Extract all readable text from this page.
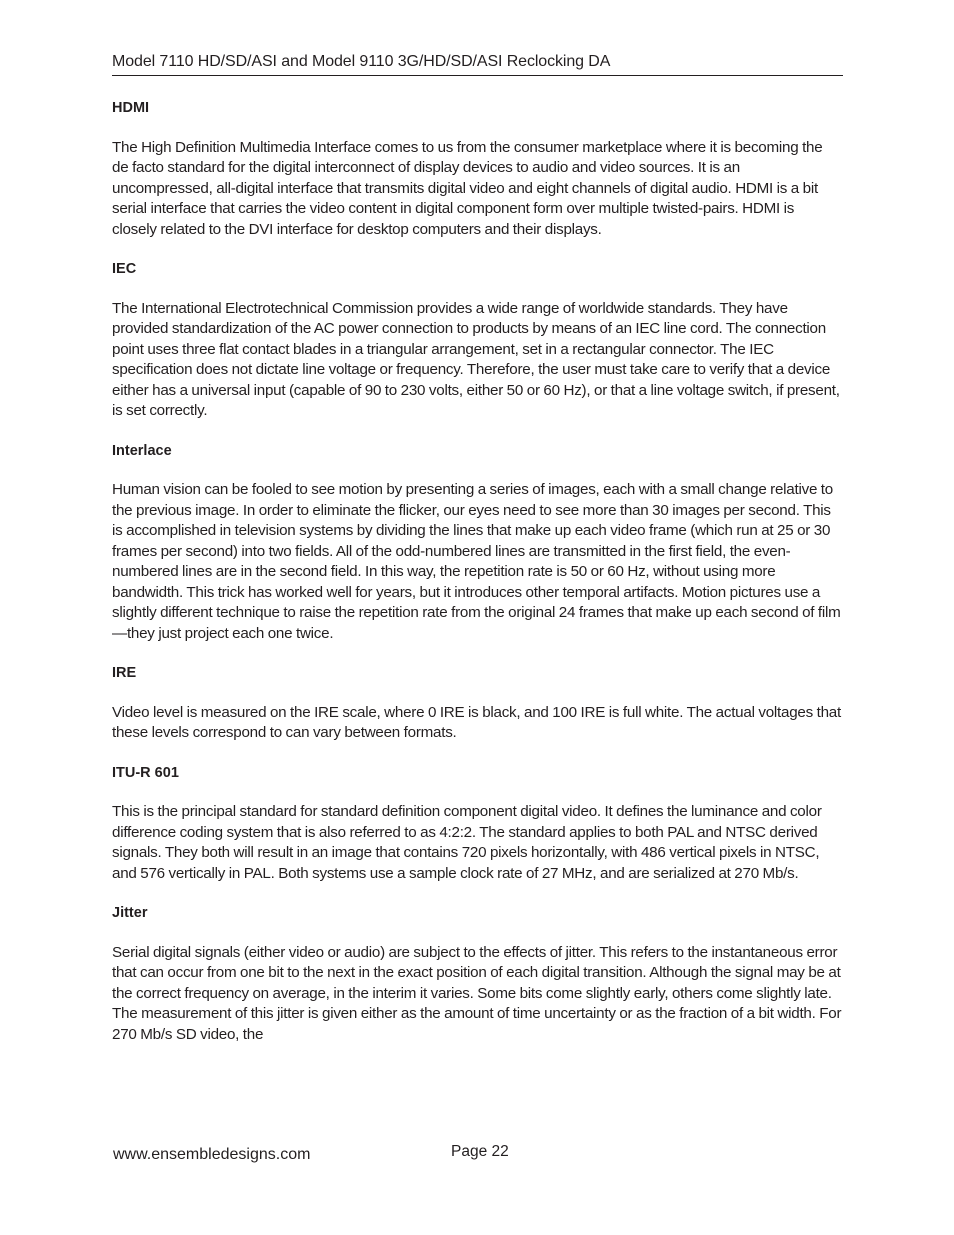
Model 7110 HD/SD/ASI and Model 9110 3G/HD/SD/ASI Reclocking DA
HDMI

The High Definition Multimedia Interface comes to us from the consumer marketplace where it is becoming the de facto standard for the digital interconnect of display devices to audio and video sources. It is an uncompressed, all-digital interface that transmits digital video and eight channels of digital audio. HDMI is a bit serial interface that carries the video content in digital component form over multiple twisted-pairs. HDMI is closely related to the DVI interface for desktop computers and their displays.

IEC

The International Electrotechnical Commission provides a wide range of worldwide standards. They have provided standardization of the AC power connection to products by means of an IEC line cord. The connection point uses three flat contact blades in a triangular arrangement, set in a rectangular connector. The IEC specification does not dictate line voltage or frequency. Therefore, the user must take care to verify that a device either has a universal input (capable of 90 to 230 volts, either 50 or 60 Hz), or that a line voltage switch, if present, is set correctly.

Interlace

Human vision can be fooled to see motion by presenting a series of images, each with a small change relative to the previous image. In order to eliminate the flicker, our eyes need to see more than 30 images per second. This is accomplished in television systems by dividing the lines that make up each video frame (which run at 25 or 30 frames per second) into two fields. All of the odd-numbered lines are transmitted in the first field, the even-numbered lines are in the second field. In this way, the repetition rate is 50 or 60 Hz, without using more bandwidth. This trick has worked well for years, but it introduces other temporal artifacts. Motion pictures use a slightly different technique to raise the repetition rate from the original 24 frames that make up each second of film—they just project each one twice.

IRE

Video level is measured on the IRE scale, where 0 IRE is black, and 100 IRE is full white. The actual voltages that these levels correspond to can vary between formats.

ITU-R 601

This is the principal standard for standard definition component digital video. It defines the luminance and color difference coding system that is also referred to as 4:2:2. The standard applies to both PAL and NTSC derived signals. They both will result in an image that contains 720 pixels horizontally, with 486 vertical pixels in NTSC, and 576 vertically in PAL. Both systems use a sample clock rate of 27 MHz, and are serialized at 270 Mb/s.

Jitter

Serial digital signals (either video or audio) are subject to the effects of jitter. This refers to the instantaneous error that can occur from one bit to the next in the exact position of each digital transition. Although the signal may be at the correct frequency on average, in the interim it varies. Some bits come slightly early, others come slightly late. The measurement of this jitter is given either as the amount of time uncertainty or as the fraction of a bit width. For 270 Mb/s SD video, the

www.ensembledesigns.com	Page 22
